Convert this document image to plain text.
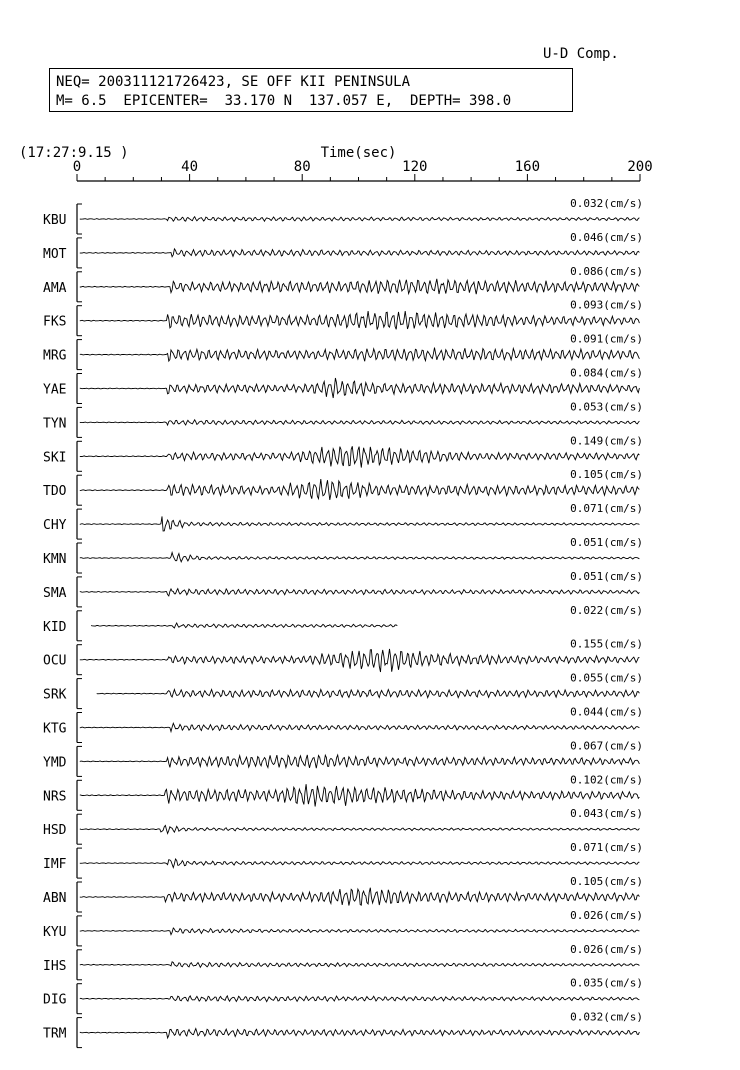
U-D Comp.
NEQ= 200311121726423, SE OFF KII PENINSULA
M= 6.5  EPICENTER=  33.170 N  137.057 E,  DEPTH= 398.0
0	40	80	120	160	200
Time(sec)
(17:27:9.15 )
KBU
0.032(cm/s)
MOT
0.046(cm/s)
AMA
0.086(cm/s)
FKS
0.093(cm/s)
MRG
0.091(cm/s)
YAE
0.084(cm/s)
TYN
0.053(cm/s)
SKI
0.149(cm/s)
TDO
0.105(cm/s)
CHY
0.071(cm/s)
KMN
0.051(cm/s)
SMA
0.051(cm/s)
KID
0.022(cm/s)
OCU
0.155(cm/s)
SRK
0.055(cm/s)
KTG
0.044(cm/s)
YMD
0.067(cm/s)
NRS
0.102(cm/s)
HSD
0.043(cm/s)
IMF
0.071(cm/s)
ABN
0.105(cm/s)
KYU
0.026(cm/s)
IHS
0.026(cm/s)
DIG
0.035(cm/s)
TRM
0.032(cm/s)
